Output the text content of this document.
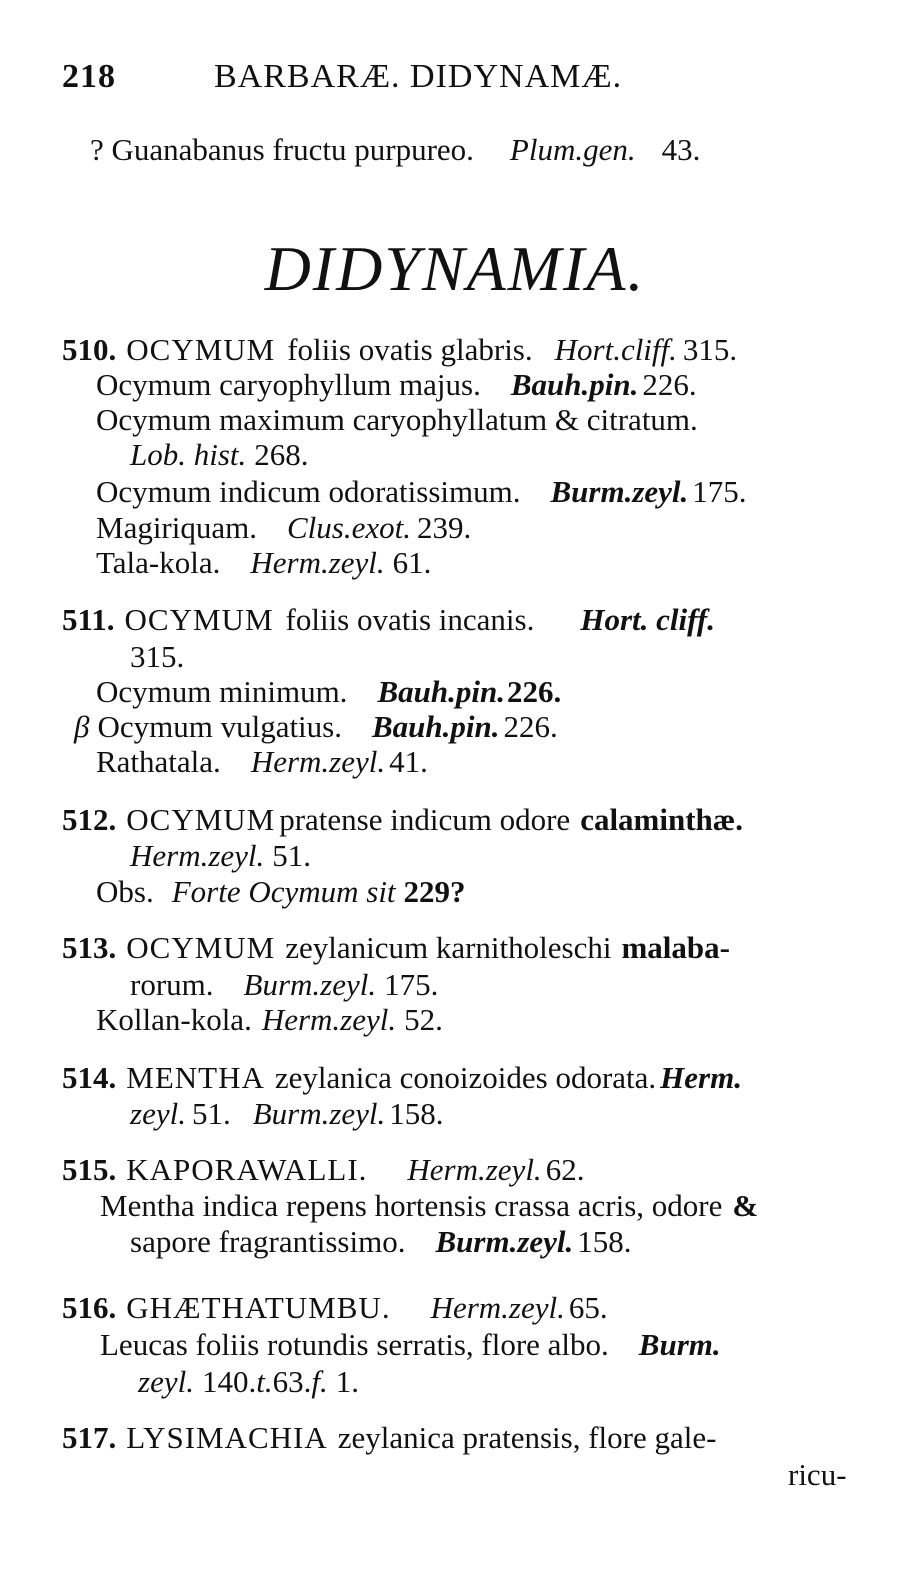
218	BARBARÆ. DIDYNAMÆ.
DIDYNAMIA.
? Guanabanus fructu purpureo. Plum.gen. 43.
510. OCYMUM foliis ovatis glabris. Hort.cliff. 315.
Ocymum caryophyllum majus. Bauh.pin. 226.
Ocymum maximum caryophyllatum & citratum.
Lob. hist. 268.
Ocymum indicum odoratissimum. Burm.zeyl. 175.
Magiriquam. Clus.exot. 239.
Tala-kola. Herm.zeyl. 61.
511. OCYMUM foliis ovatis incanis. Hort. cliff.
315.
Ocymum minimum. Bauh.pin.226.
β Ocymum vulgatius. Bauh.pin. 226.
Rathatala. Herm.zeyl. 41.
512. OCYMUM pratense indicum odore calaminthæ.
Herm.zeyl. 51.
Obs. Forte Ocymum sit 229?
513. OCYMUM zeylanicum karnitholeschi malaba-
rorum. Burm.zeyl. 175.
Kollan-kola. Herm.zeyl. 52.
514. MENTHA zeylanica conoizoides odorata. Herm.
zeyl. 51. Burm.zeyl. 158.
515. KAPORAWALLI. Herm.zeyl. 62.
Mentha indica repens hortensis crassa acris, odore &
sapore fragrantissimo. Burm.zeyl. 158.
516. GHÆTHATUMBU. Herm.zeyl. 65.
Leucas foliis rotundis serratis, flore albo. Burm.
zeyl. 140.t.63.f. 1.
517. LYSIMACHIA zeylanica pratensis, flore gale-
ricu-
